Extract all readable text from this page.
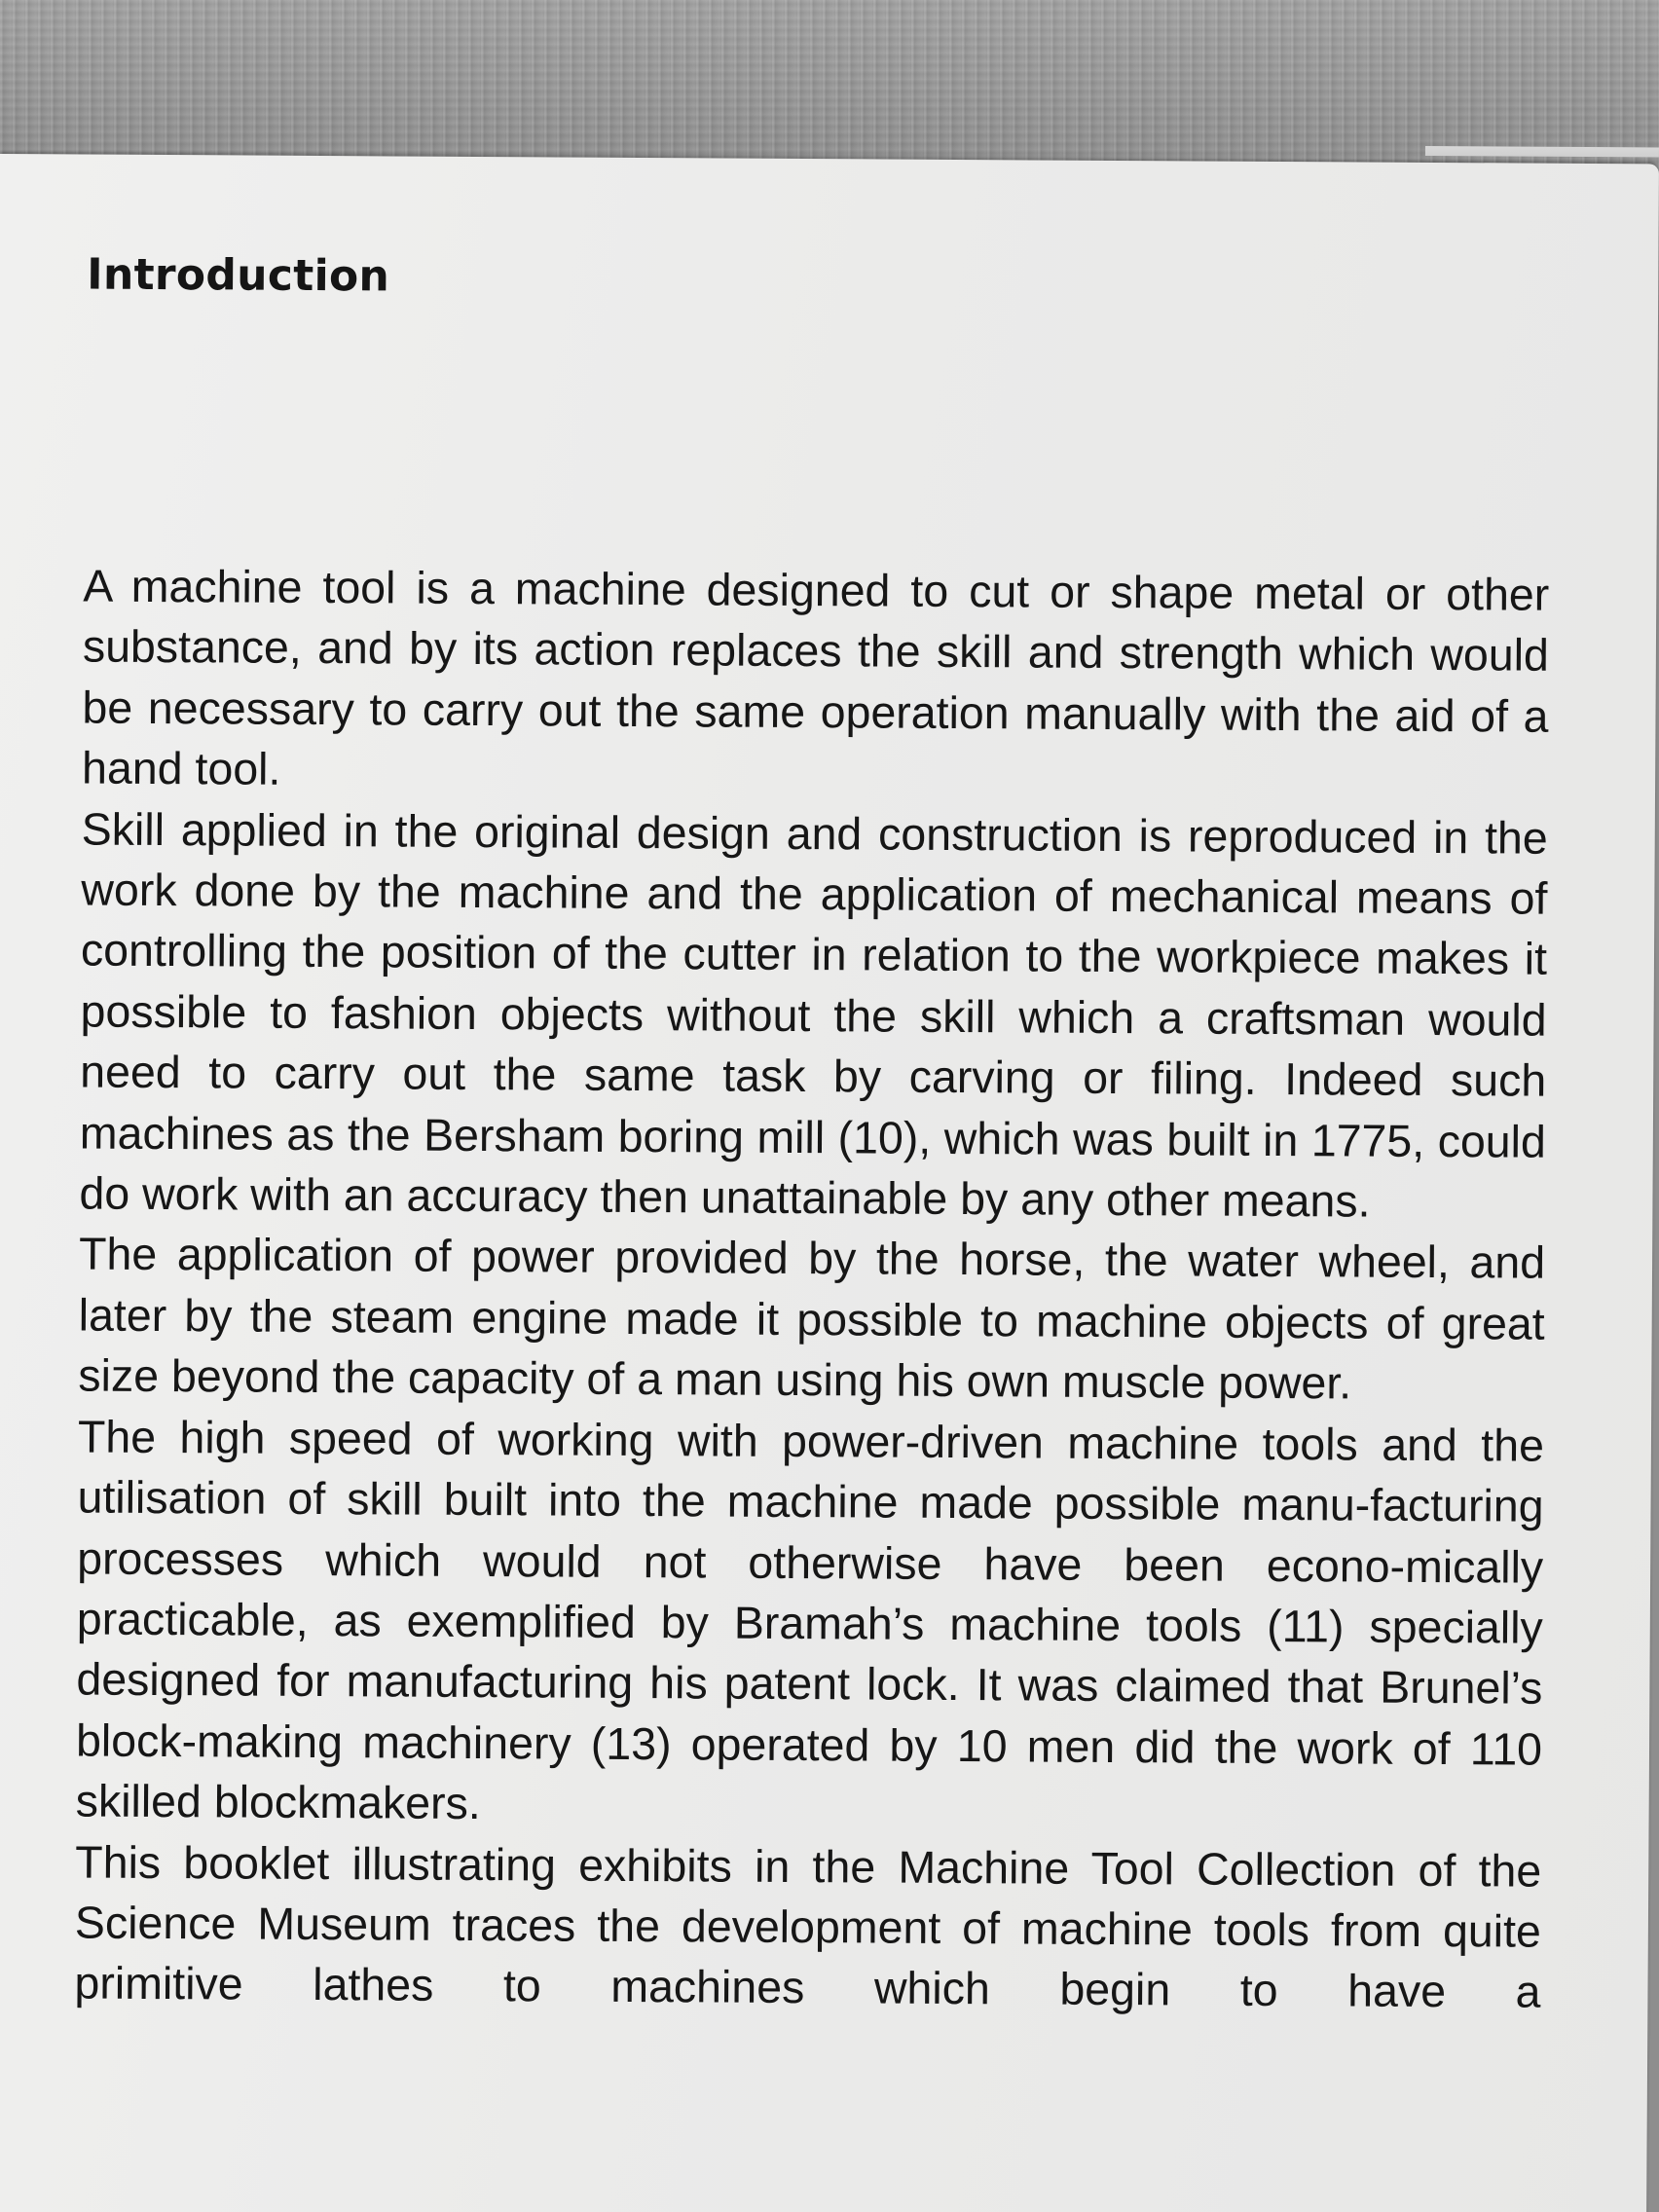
Introduction

A machine tool is a machine designed to cut or shape metal or other substance, and by its action replaces the skill and strength which would be necessary to carry out the same operation manually with the aid of a hand tool.

Skill applied in the original design and construction is reproduced in the work done by the machine and the application of mechanical means of controlling the position of the cutter in relation to the workpiece makes it possible to fashion objects without the skill which a craftsman would need to carry out the same task by carving or filing. Indeed such machines as the Bersham boring mill (10), which was built in 1775, could do work with an accuracy then unattainable by any other means.

The application of power provided by the horse, the water wheel, and later by the steam engine made it possible to machine objects of great size beyond the capacity of a man using his own muscle power.

The high speed of working with power-driven machine tools and the utilisation of skill built into the machine made possible manu-facturing processes which would not otherwise have been econo-mically practicable, as exemplified by Bramah’s machine tools (11) specially designed for manufacturing his patent lock. It was claimed that Brunel’s block-making machinery (13) operated by 10 men did the work of 110 skilled blockmakers.

This booklet illustrating exhibits in the Machine Tool Collection of the Science Museum traces the development of machine tools from quite primitive lathes to machines which begin to have a
